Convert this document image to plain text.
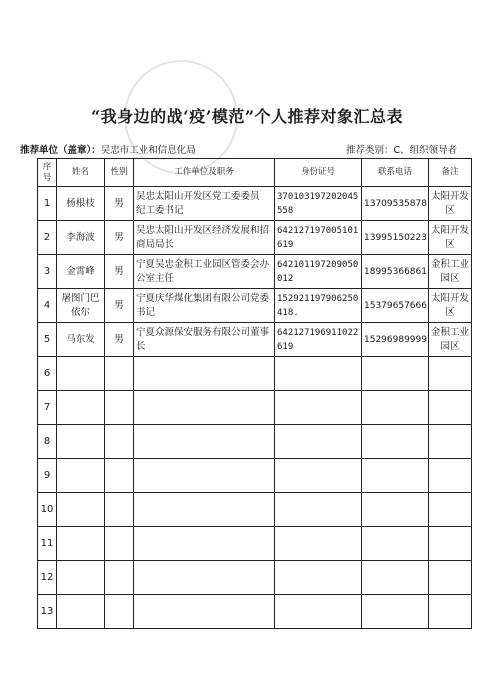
“我身边的战‘疫’模范”个人推荐对象汇总表
推荐单位（盖章）：吴忠市工业和信息化局	推荐类别：C、组织领导者
序号	姓名	性别	工作单位及职务	身份证号	联系电话	备注
1	杨根枝	男	吴忠太阳山开发区党工委委员 纪工委书记	370103197202045558	13709535878	太阳开发区
2	李海波	男	吴忠太阳山开发区经济发展和招商局局长	642127197005101619	13995150223	太阳开发区
3	金霄峰	男	宁夏吴忠金积工业园区管委会办公室主任	642101197209050012	18995366861	金积工业园区
4	屠图门巴依尔	男	宁夏庆华煤化集团有限公司党委书记	152921197906250418.	15379657666	太阳开发区
5	马东发	男	宁夏众源保安服务有限公司董事长	642127196911022619	15296989999	金积工业园区
6						
7						
8						
9						
10						
11						
12						
13						
